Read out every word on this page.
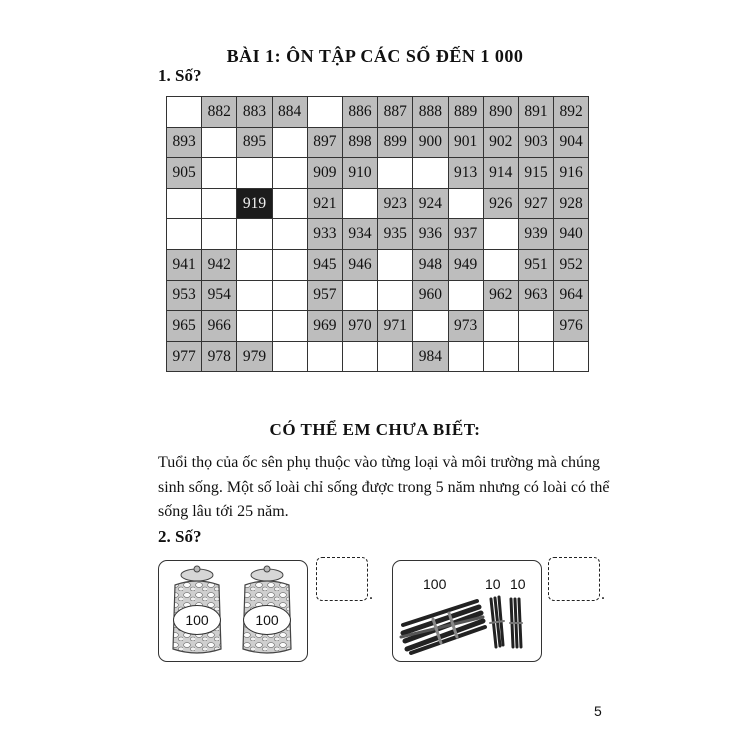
BÀI 1: ÔN TẬP CÁC SỐ ĐẾN 1 000
1. Số?
	882	883	884		886	887	888	889	890	891	892
893		895		897	898	899	900	901	902	903	904
905				909	910			913	914	915	916
		919		921		923	924		926	927	928
				933	934	935	936	937		939	940
941	942			945	946		948	949		951	952
953	954			957			960		962	963	964
965	966			969	970	971		973			976
977	978	979					984				
CÓ THỂ EM CHƯA BIẾT:
Tuổi thọ của ốc sên phụ thuộc vào từng loại và môi trường mà chúng sinh sống. Một số loài chỉ sống được trong 5 năm nhưng có loài có thể sống lâu tới 25 năm.
2. Số?
100	100
.
100	10 10
.
5
